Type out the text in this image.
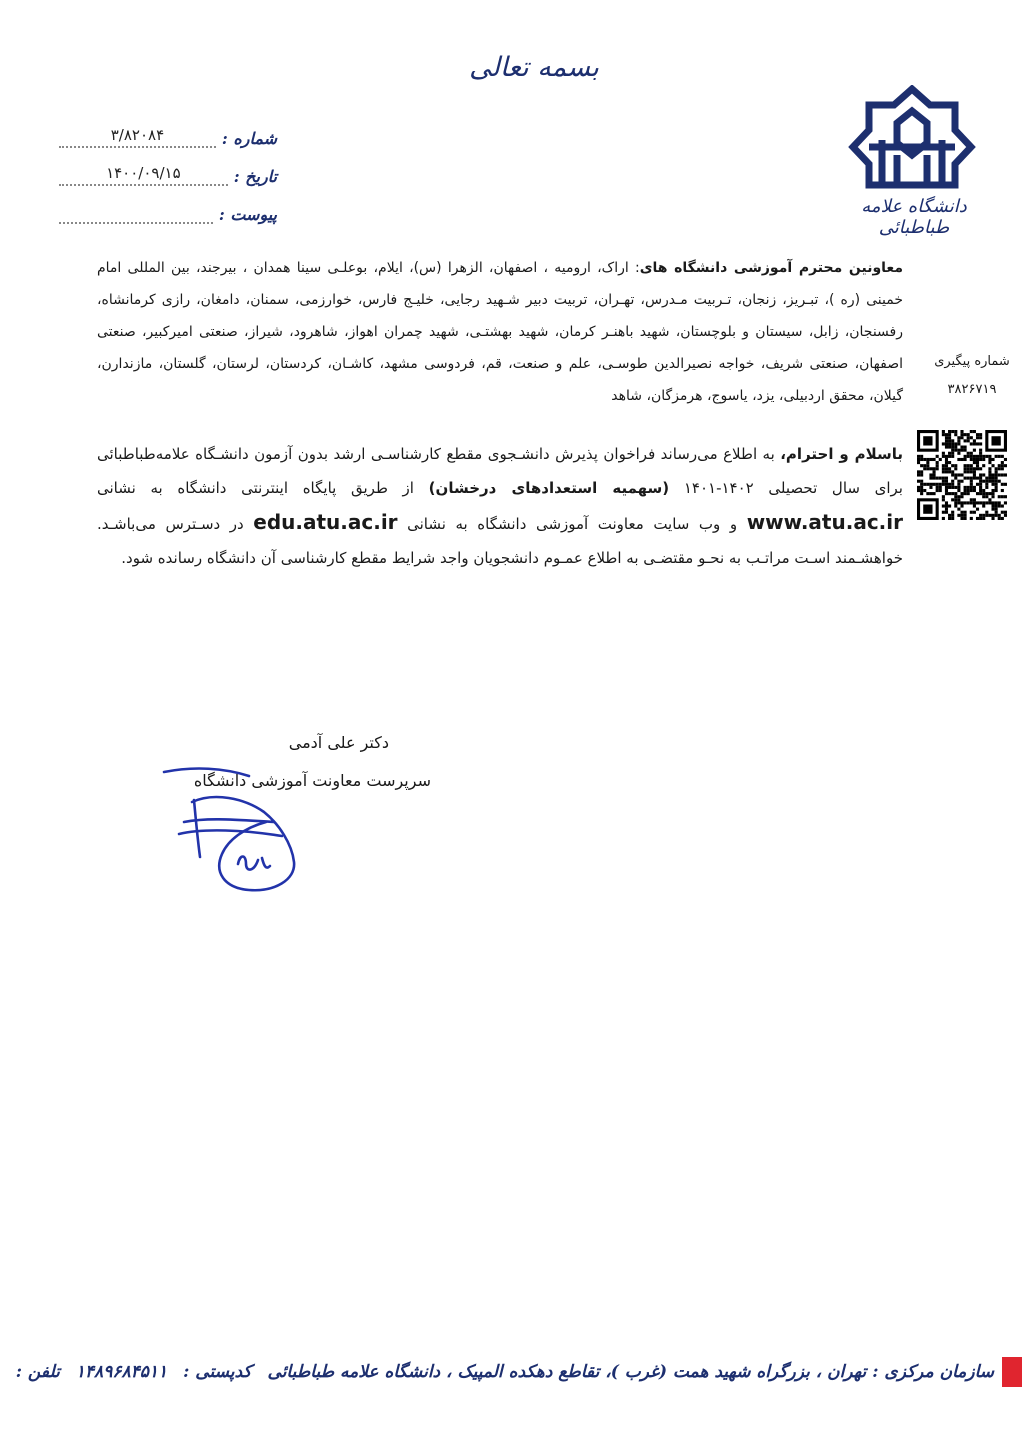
بسمه تعالی
دانشگاه علامه طباطبائی
شماره :
۳/۸۲۰۸۴
تاریخ :
۱۴۰۰/۰۹/۱۵
پیوست :
معاونین محترم آموزشی دانشگاه های: اراک، ارومیه ، اصفهان، الزهرا (س)، ایلام، بوعلـی سینا همدان ، بیرجند، بین المللی امام خمینی (ره )، تبـریز، زنجان، تـربیت مـدرس، تهـران، تربیت دبیر شـهید رجایی، خلیـج فارس، خوارزمی، سمنان، دامغان، رازی کرمانشاه، رفسنجان، زابل، سیستان و بلوچستان، شهید باهنـر کرمان، شهید بهشتـی، شهید چمران اهواز، شاهرود، شیراز، صنعتی امیرکبیر، صنعتی اصفهان، صنعتی شریف، خواجه نصیرالدین طوسـی، علم و صنعت، قم، فردوسی مشهد، کاشـان، کردستان، لرستان، گلستان، مازندارن، گیلان، محقق اردبیلی، یزد، یاسوج، هرمزگان، شاهد
شماره پیگیری
۳۸۲۶۷۱۹
باسلام و احترام، به اطلاع می‌رساند فراخوان پذیرش دانشـجوی مقطع کارشناسـی ارشد بدون آزمون دانشـگاه علامه‌طباطبائی برای سال تحصیلی ۱۴۰۲-۱۴۰۱ (سهمیه استعدادهای درخشان) از طریق پایگاه اینترنتی دانشگاه به نشانی www.atu.ac.ir و وب سایت معاونت آموزشی دانشگاه به نشانی edu.atu.ac.ir در دسـترس می‌باشـد. خواهشـمند اسـت مراتـب به نحـو مقتضـی به اطلاع عمـوم دانشجویان واجد شرایط مقطع کارشناسی آن دانشگاه رسانده شود.
دکتر علی آدمی
سرپرست معاونت آموزشی دانشگاه
سازمان مرکزی : تهران ، بزرگراه شهید همت (غرب )، تقاطع دهکده المپیک ، دانشگاه علامه طباطبائی
کدپستی :
۱۴۸۹۶۸۴۵۱۱
تلفن :
